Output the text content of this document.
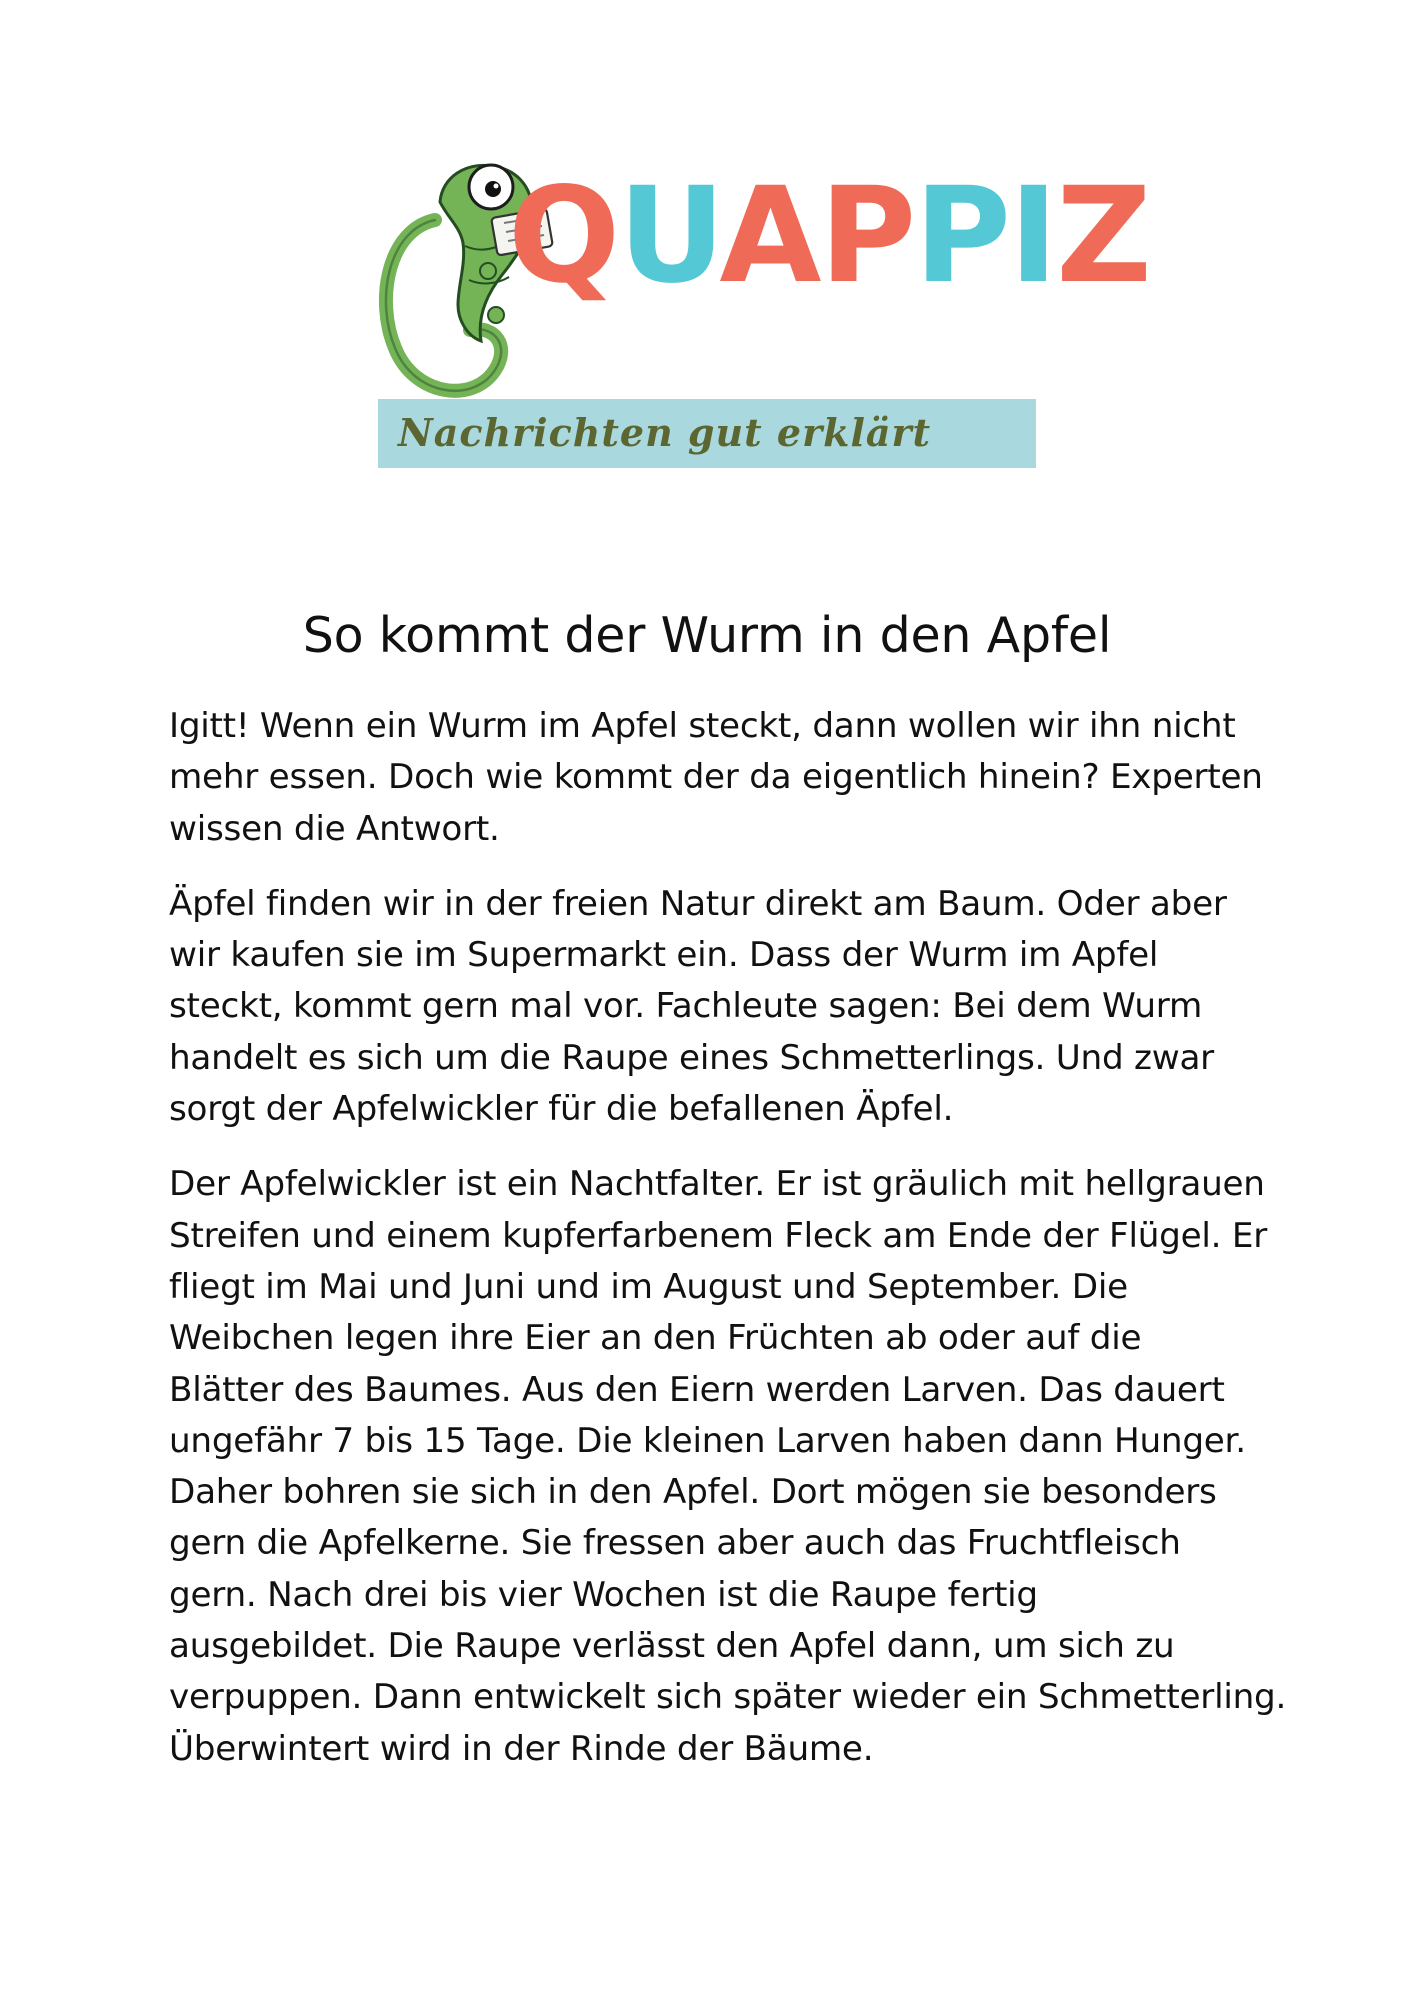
QUAPPIZ
Nachrichten gut erklärt
So kommt der Wurm in den Apfel

Igitt! Wenn ein Wurm im Apfel steckt, dann wollen wir ihn nicht
mehr essen. Doch wie kommt der da eigentlich hinein? Experten
wissen die Antwort.

Äpfel finden wir in der freien Natur direkt am Baum. Oder aber
wir kaufen sie im Supermarkt ein. Dass der Wurm im Apfel
steckt, kommt gern mal vor. Fachleute sagen: Bei dem Wurm
handelt es sich um die Raupe eines Schmetterlings. Und zwar
sorgt der Apfelwickler für die befallenen Äpfel.

Der Apfelwickler ist ein Nachtfalter. Er ist gräulich mit hellgrauen
Streifen und einem kupferfarbenem Fleck am Ende der Flügel. Er
fliegt im Mai und Juni und im August und September. Die
Weibchen legen ihre Eier an den Früchten ab oder auf die
Blätter des Baumes. Aus den Eiern werden Larven. Das dauert
ungefähr 7 bis 15 Tage. Die kleinen Larven haben dann Hunger.
Daher bohren sie sich in den Apfel. Dort mögen sie besonders
gern die Apfelkerne. Sie fressen aber auch das Fruchtfleisch
gern. Nach drei bis vier Wochen ist die Raupe fertig
ausgebildet. Die Raupe verlässt den Apfel dann, um sich zu
verpuppen. Dann entwickelt sich später wieder ein Schmetterling.
Überwintert wird in der Rinde der Bäume.
